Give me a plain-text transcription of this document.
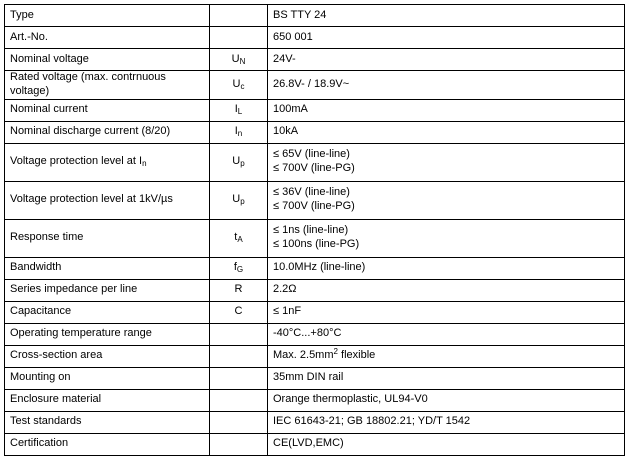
Type		BS TTY 24
Art.-No.		650 001
Nominal voltage	$U_N$	24V-
Rated voltage (max. contrnuous voltage)	$U_c$	26.8V- / 18.9V~
Nominal current	$I_L$	100mA
Nominal discharge current (8/20)	$I_n$	10kA
Voltage protection level at $I_n$	$U_p$	≤ 65V (line-line)
≤ 700V (line-PG)

Voltage protection level at 1kV/µs	$U_p$	≤ 36V (line-line)
≤ 700V (line-PG)

Response time	$t_A$	≤ 1ns (line-line)
≤ 100ns (line-PG)

Bandwidth	$f_G$	10.0MHz (line-line)
Series impedance per line	R	2.2Ω
Capacitance	C	≤ 1nF
Operating temperature range		-40°C...+80°C
Cross-section area		Max. $2.5mm^2$ flexible
Mounting on		35mm DIN rail
Enclosure material		Orange thermoplastic, UL94-V0
Test standards		IEC 61643-21; GB 18802.21; YD/T 1542
Certification		CE(LVD,EMC)
